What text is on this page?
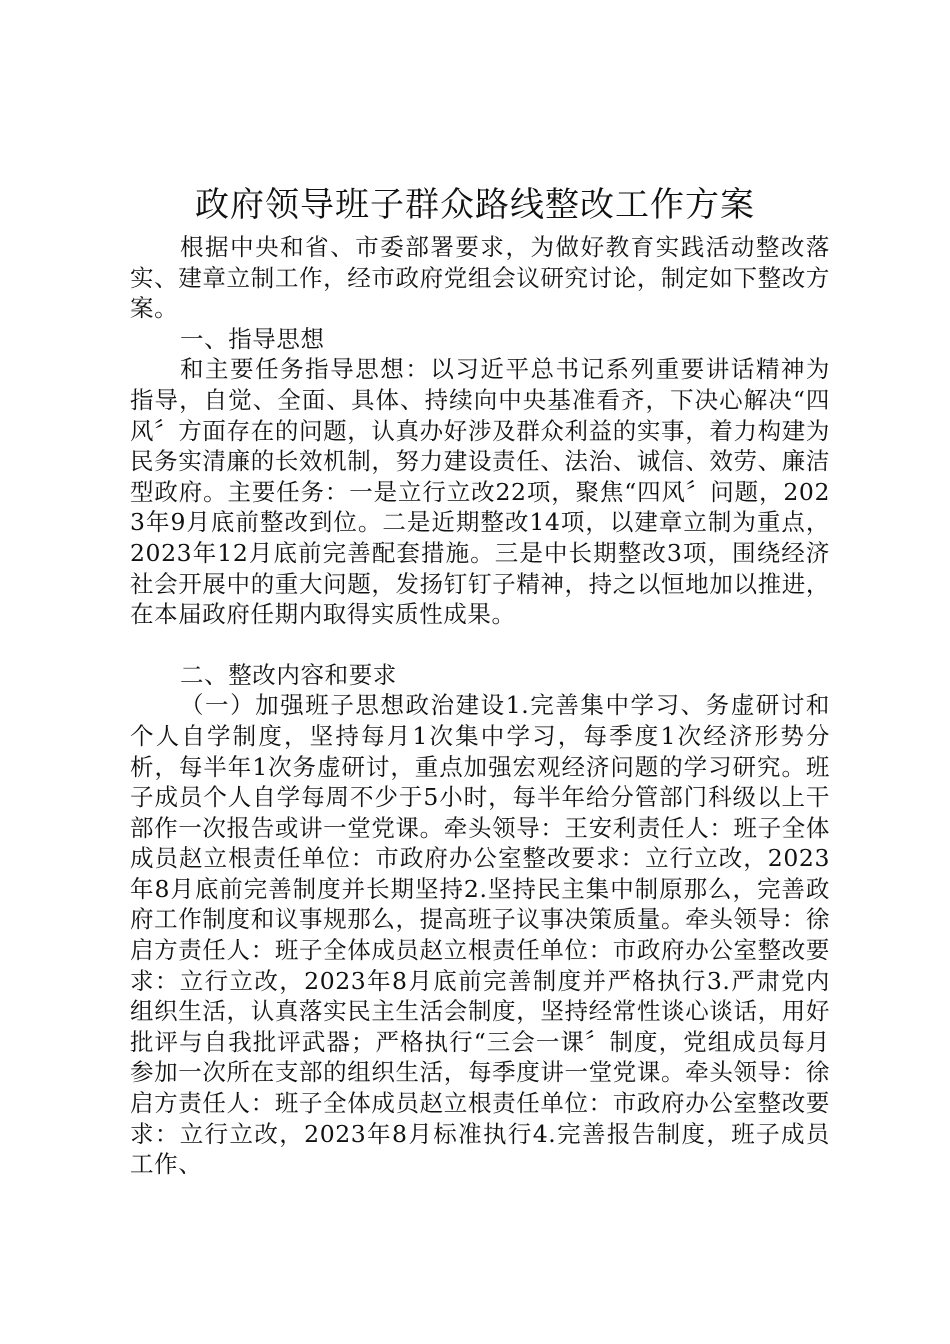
政府领导班子群众路线整改工作方案

根据中央和省、市委部署要求，为做好教育实践活动整改落实、建章立制工作，经市政府党组会议研究讨论，制定如下整改方案。

一、指导思想

和主要任务指导思想：以习近平总书记系列重要讲话精神为指导，自觉、全面、具体、持续向中央基准看齐，下决心解决“四风〞方面存在的问题，认真办好涉及群众利益的实事，着力构建为民务实清廉的长效机制，努力建设责任、法治、诚信、效劳、廉洁型政府。主要任务：一是立行立改22项，聚焦“四风〞问题，2023年9月底前整改到位。二是近期整改14项，以建章立制为重点，2023年12月底前完善配套措施。三是中长期整改3项，围绕经济社会开展中的重大问题，发扬钉钉子精神，持之以恒地加以推进，在本届政府任期内取得实质性成果。

二、整改内容和要求

（一）加强班子思想政治建设1.完善集中学习、务虚研讨和个人自学制度，坚持每月1次集中学习，每季度1次经济形势分析，每半年1次务虚研讨，重点加强宏观经济问题的学习研究。班子成员个人自学每周不少于5小时，每半年给分管部门科级以上干部作一次报告或讲一堂党课。牵头领导：王安利责任人：班子全体成员赵立根责任单位：市政府办公室整改要求：立行立改，2023年8月底前完善制度并长期坚持2.坚持民主集中制原那么，完善政府工作制度和议事规那么，提高班子议事决策质量。牵头领导：徐启方责任人：班子全体成员赵立根责任单位：市政府办公室整改要求：立行立改，2023年8月底前完善制度并严格执行3.严肃党内组织生活，认真落实民主生活会制度，坚持经常性谈心谈话，用好批评与自我批评武器；严格执行“三会一课〞制度，党组成员每月参加一次所在支部的组织生活，每季度讲一堂党课。牵头领导：徐启方责任人：班子全体成员赵立根责任单位：市政府办公室整改要求：立行立改，2023年8月标准执行4.完善报告制度，班子成员工作、
